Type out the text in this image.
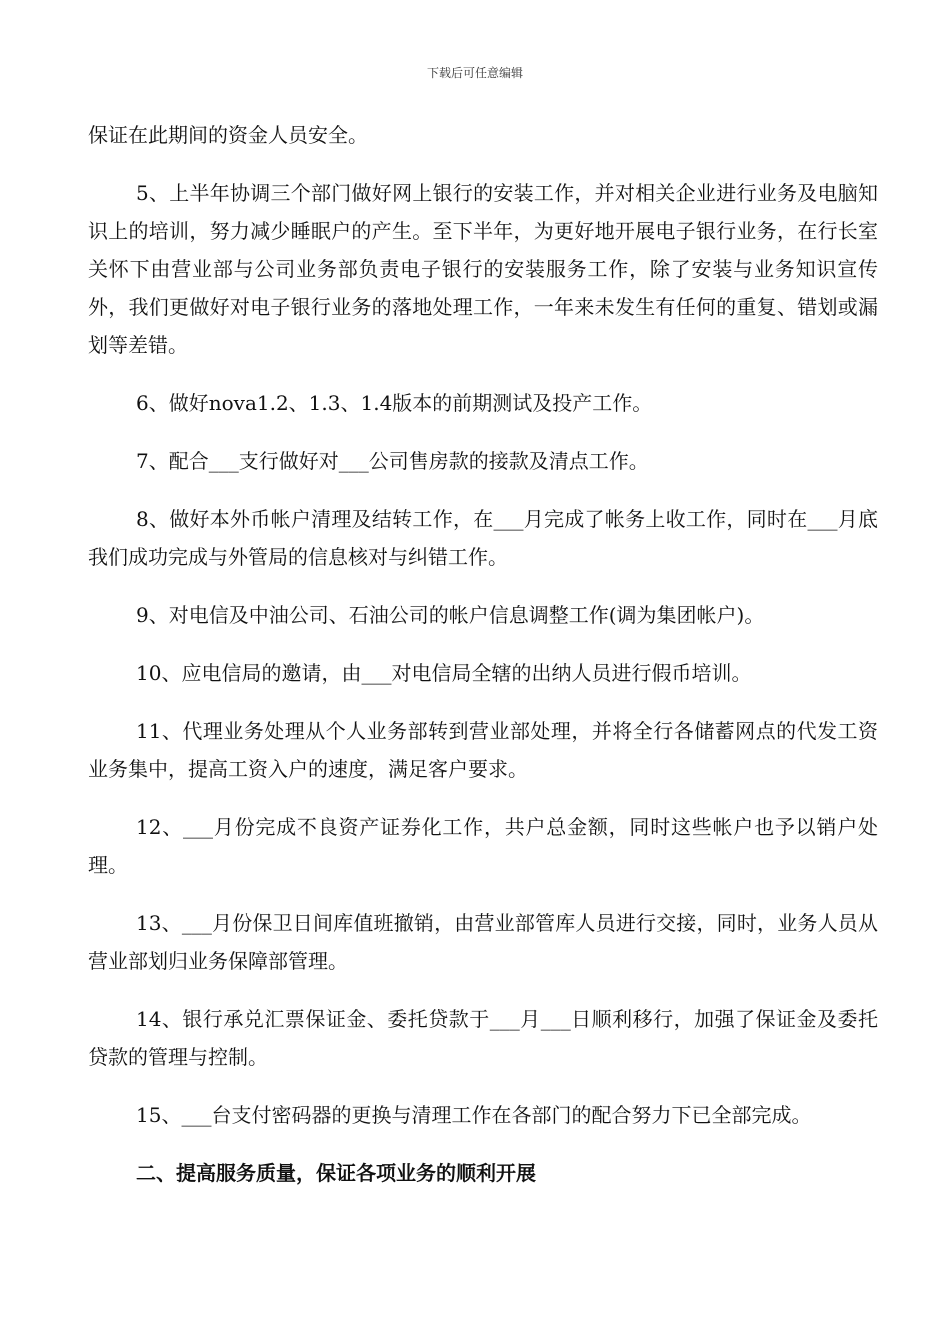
下载后可任意编辑

保证在此期间的资金人员安全。

5、上半年协调三个部门做好网上银行的安装工作，并对相关企业进行业务及电脑知识上的培训，努力减少睡眠户的产生。至下半年，为更好地开展电子银行业务，在行长室关怀下由营业部与公司业务部负责电子银行的安装服务工作，除了安装与业务知识宣传外，我们更做好对电子银行业务的落地处理工作，一年来未发生有任何的重复、错划或漏划等差错。

6、做好nova1.2、1.3、1.4版本的前期测试及投产工作。

7、配合___支行做好对___公司售房款的接款及清点工作。

8、做好本外币帐户清理及结转工作，在___月完成了帐务上收工作，同时在___月底我们成功完成与外管局的信息核对与纠错工作。

9、对电信及中油公司、石油公司的帐户信息调整工作(调为集团帐户)。

10、应电信局的邀请，由___对电信局全辖的出纳人员进行假币培训。

11、代理业务处理从个人业务部转到营业部处理，并将全行各储蓄网点的代发工资业务集中，提高工资入户的速度，满足客户要求。

12、___月份完成不良资产证券化工作，共户总金额，同时这些帐户也予以销户处理。

13、___月份保卫日间库值班撤销，由营业部管库人员进行交接，同时，业务人员从营业部划归业务保障部管理。

14、银行承兑汇票保证金、委托贷款于___月___日顺利移行，加强了保证金及委托贷款的管理与控制。

15、___台支付密码器的更换与清理工作在各部门的配合努力下已全部完成。

二、提高服务质量，保证各项业务的顺利开展
